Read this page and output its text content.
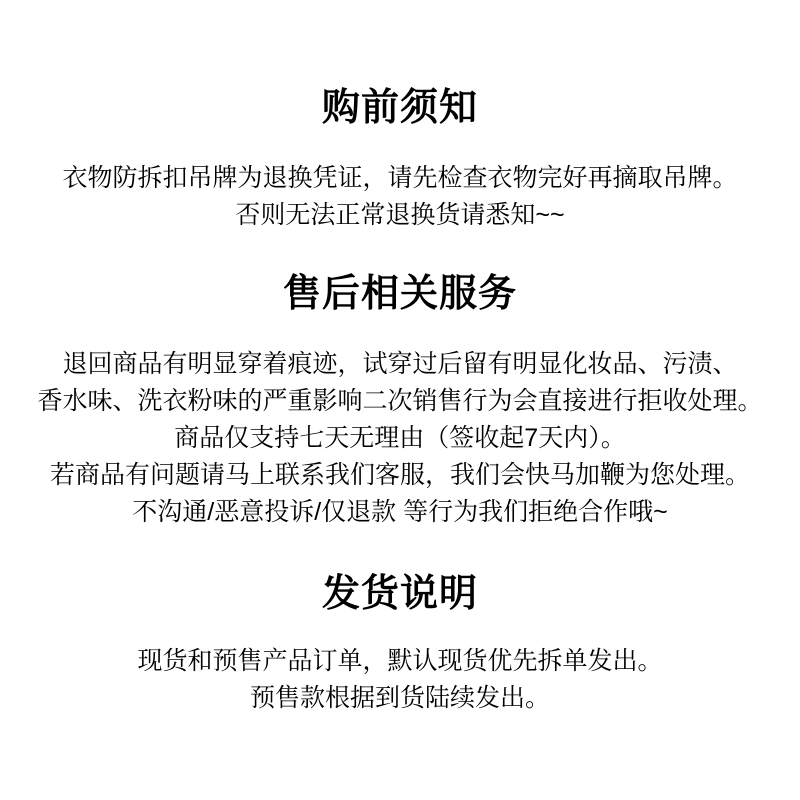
购前须知
衣物防拆扣吊牌为退换凭证，请先检查衣物完好再摘取吊牌。
否则无法正常退换货请悉知~~
售后相关服务
退回商品有明显穿着痕迹，试穿过后留有明显化妆品、污渍、
香水味、洗衣粉味的严重影响二次销售行为会直接进行拒收处理。
商品仅支持七天无理由（签收起7天内）。
若商品有问题请马上联系我们客服，我们会快马加鞭为您处理。
不沟通/恶意投诉/仅退款 等行为我们拒绝合作哦~
发货说明
现货和预售产品订单，默认现货优先拆单发出。
预售款根据到货陆续发出。
